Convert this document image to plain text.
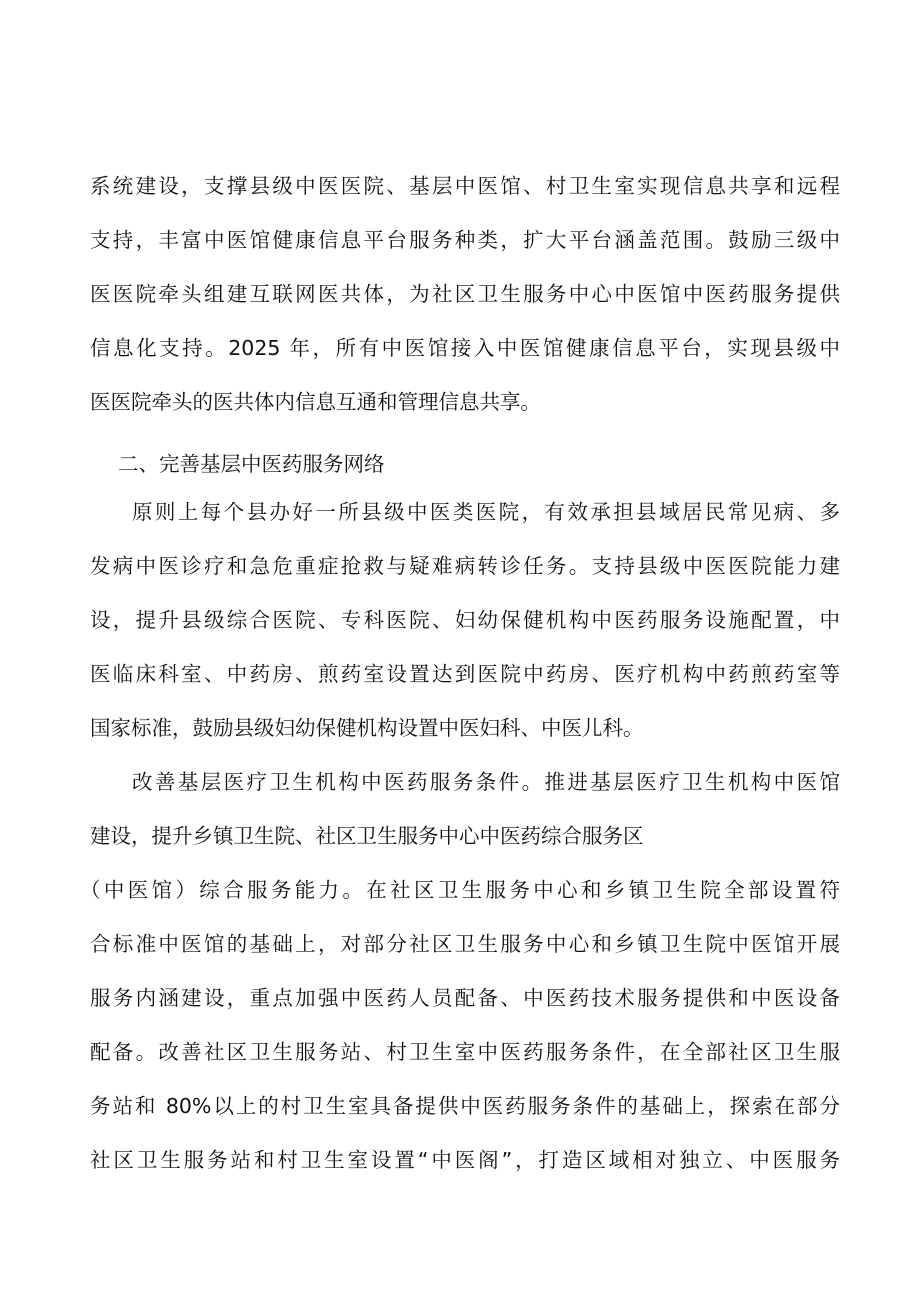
系统建设，支撑县级中医医院、基层中医馆、村卫生室实现信息共享和远程
支持，丰富中医馆健康信息平台服务种类，扩大平台涵盖范围。鼓励三级中
医医院牵头组建互联网医共体，为社区卫生服务中心中医馆中医药服务提供
信息化支持。2025 年，所有中医馆接入中医馆健康信息平台，实现县级中
医医院牵头的医共体内信息互通和管理信息共享。
二、完善基层中医药服务网络
原则上每个县办好一所县级中医类医院，有效承担县域居民常见病、多
发病中医诊疗和急危重症抢救与疑难病转诊任务。支持县级中医医院能力建
设，提升县级综合医院、专科医院、妇幼保健机构中医药服务设施配置，中
医临床科室、中药房、煎药室设置达到医院中药房、医疗机构中药煎药室等
国家标准，鼓励县级妇幼保健机构设置中医妇科、中医儿科。
改善基层医疗卫生机构中医药服务条件。推进基层医疗卫生机构中医馆
建设，提升乡镇卫生院、社区卫生服务中心中医药综合服务区
（中医馆）综合服务能力。在社区卫生服务中心和乡镇卫生院全部设置符
合标准中医馆的基础上，对部分社区卫生服务中心和乡镇卫生院中医馆开展
服务内涵建设，重点加强中医药人员配备、中医药技术服务提供和中医设备
配备。改善社区卫生服务站、村卫生室中医药服务条件，在全部社区卫生服
务站和 80%以上的村卫生室具备提供中医药服务条件的基础上，探索在部分
社区卫生服务站和村卫生室设置“中医阁”，打造区域相对独立、中医服务
